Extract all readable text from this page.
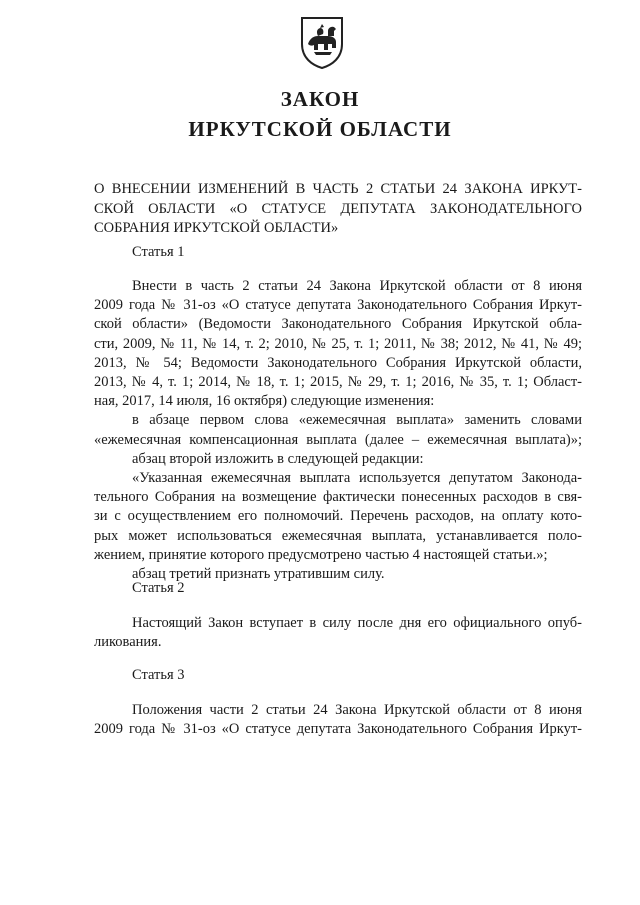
ЗАКОН
ИРКУТСКОЙ ОБЛАСТИ

О ВНЕСЕНИИ ИЗМЕНЕНИЙ В ЧАСТЬ 2 СТАТЬИ 24 ЗАКОНА ИРКУТ-
СКОЙ ОБЛАСТИ «О СТАТУСЕ ДЕПУТАТА ЗАКОНОДАТЕЛЬНОГО
СОБРАНИЯ ИРКУТСКОЙ ОБЛАСТИ»

Статья 1

Внести в часть 2 статьи 24 Закона Иркутской области от 8 июня
2009 года № 31-оз «О статусе депутата Законодательного Собрания Иркут-
ской области» (Ведомости Законодательного Собрания Иркутской обла-
сти, 2009, № 11, № 14, т. 2; 2010, № 25, т. 1; 2011, № 38; 2012, № 41, № 49;
2013, № 54; Ведомости Законодательного Собрания Иркутской области,
2013, № 4, т. 1; 2014, № 18, т. 1; 2015, № 29, т. 1; 2016, № 35, т. 1; Област-
ная, 2017, 14 июля, 16 октября) следующие изменения:
в абзаце первом слова «ежемесячная выплата» заменить словами
«ежемесячная компенсационная выплата (далее – ежемесячная выплата)»;
абзац второй изложить в следующей редакции:
«Указанная ежемесячная выплата используется депутатом Законода-
тельного Собрания на возмещение фактически понесенных расходов в свя-
зи с осуществлением его полномочий. Перечень расходов, на оплату кото-
рых может использоваться ежемесячная выплата, устанавливается поло-
жением, принятие которого предусмотрено частью 4 настоящей статьи.»;
абзац третий признать утратившим силу.

Статья 2

Настоящий Закон вступает в силу после дня его официального опуб-
ликования.

Статья 3

Положения части 2 статьи 24 Закона Иркутской области от 8 июня
2009 года № 31-оз «О статусе депутата Законодательного Собрания Иркут-
